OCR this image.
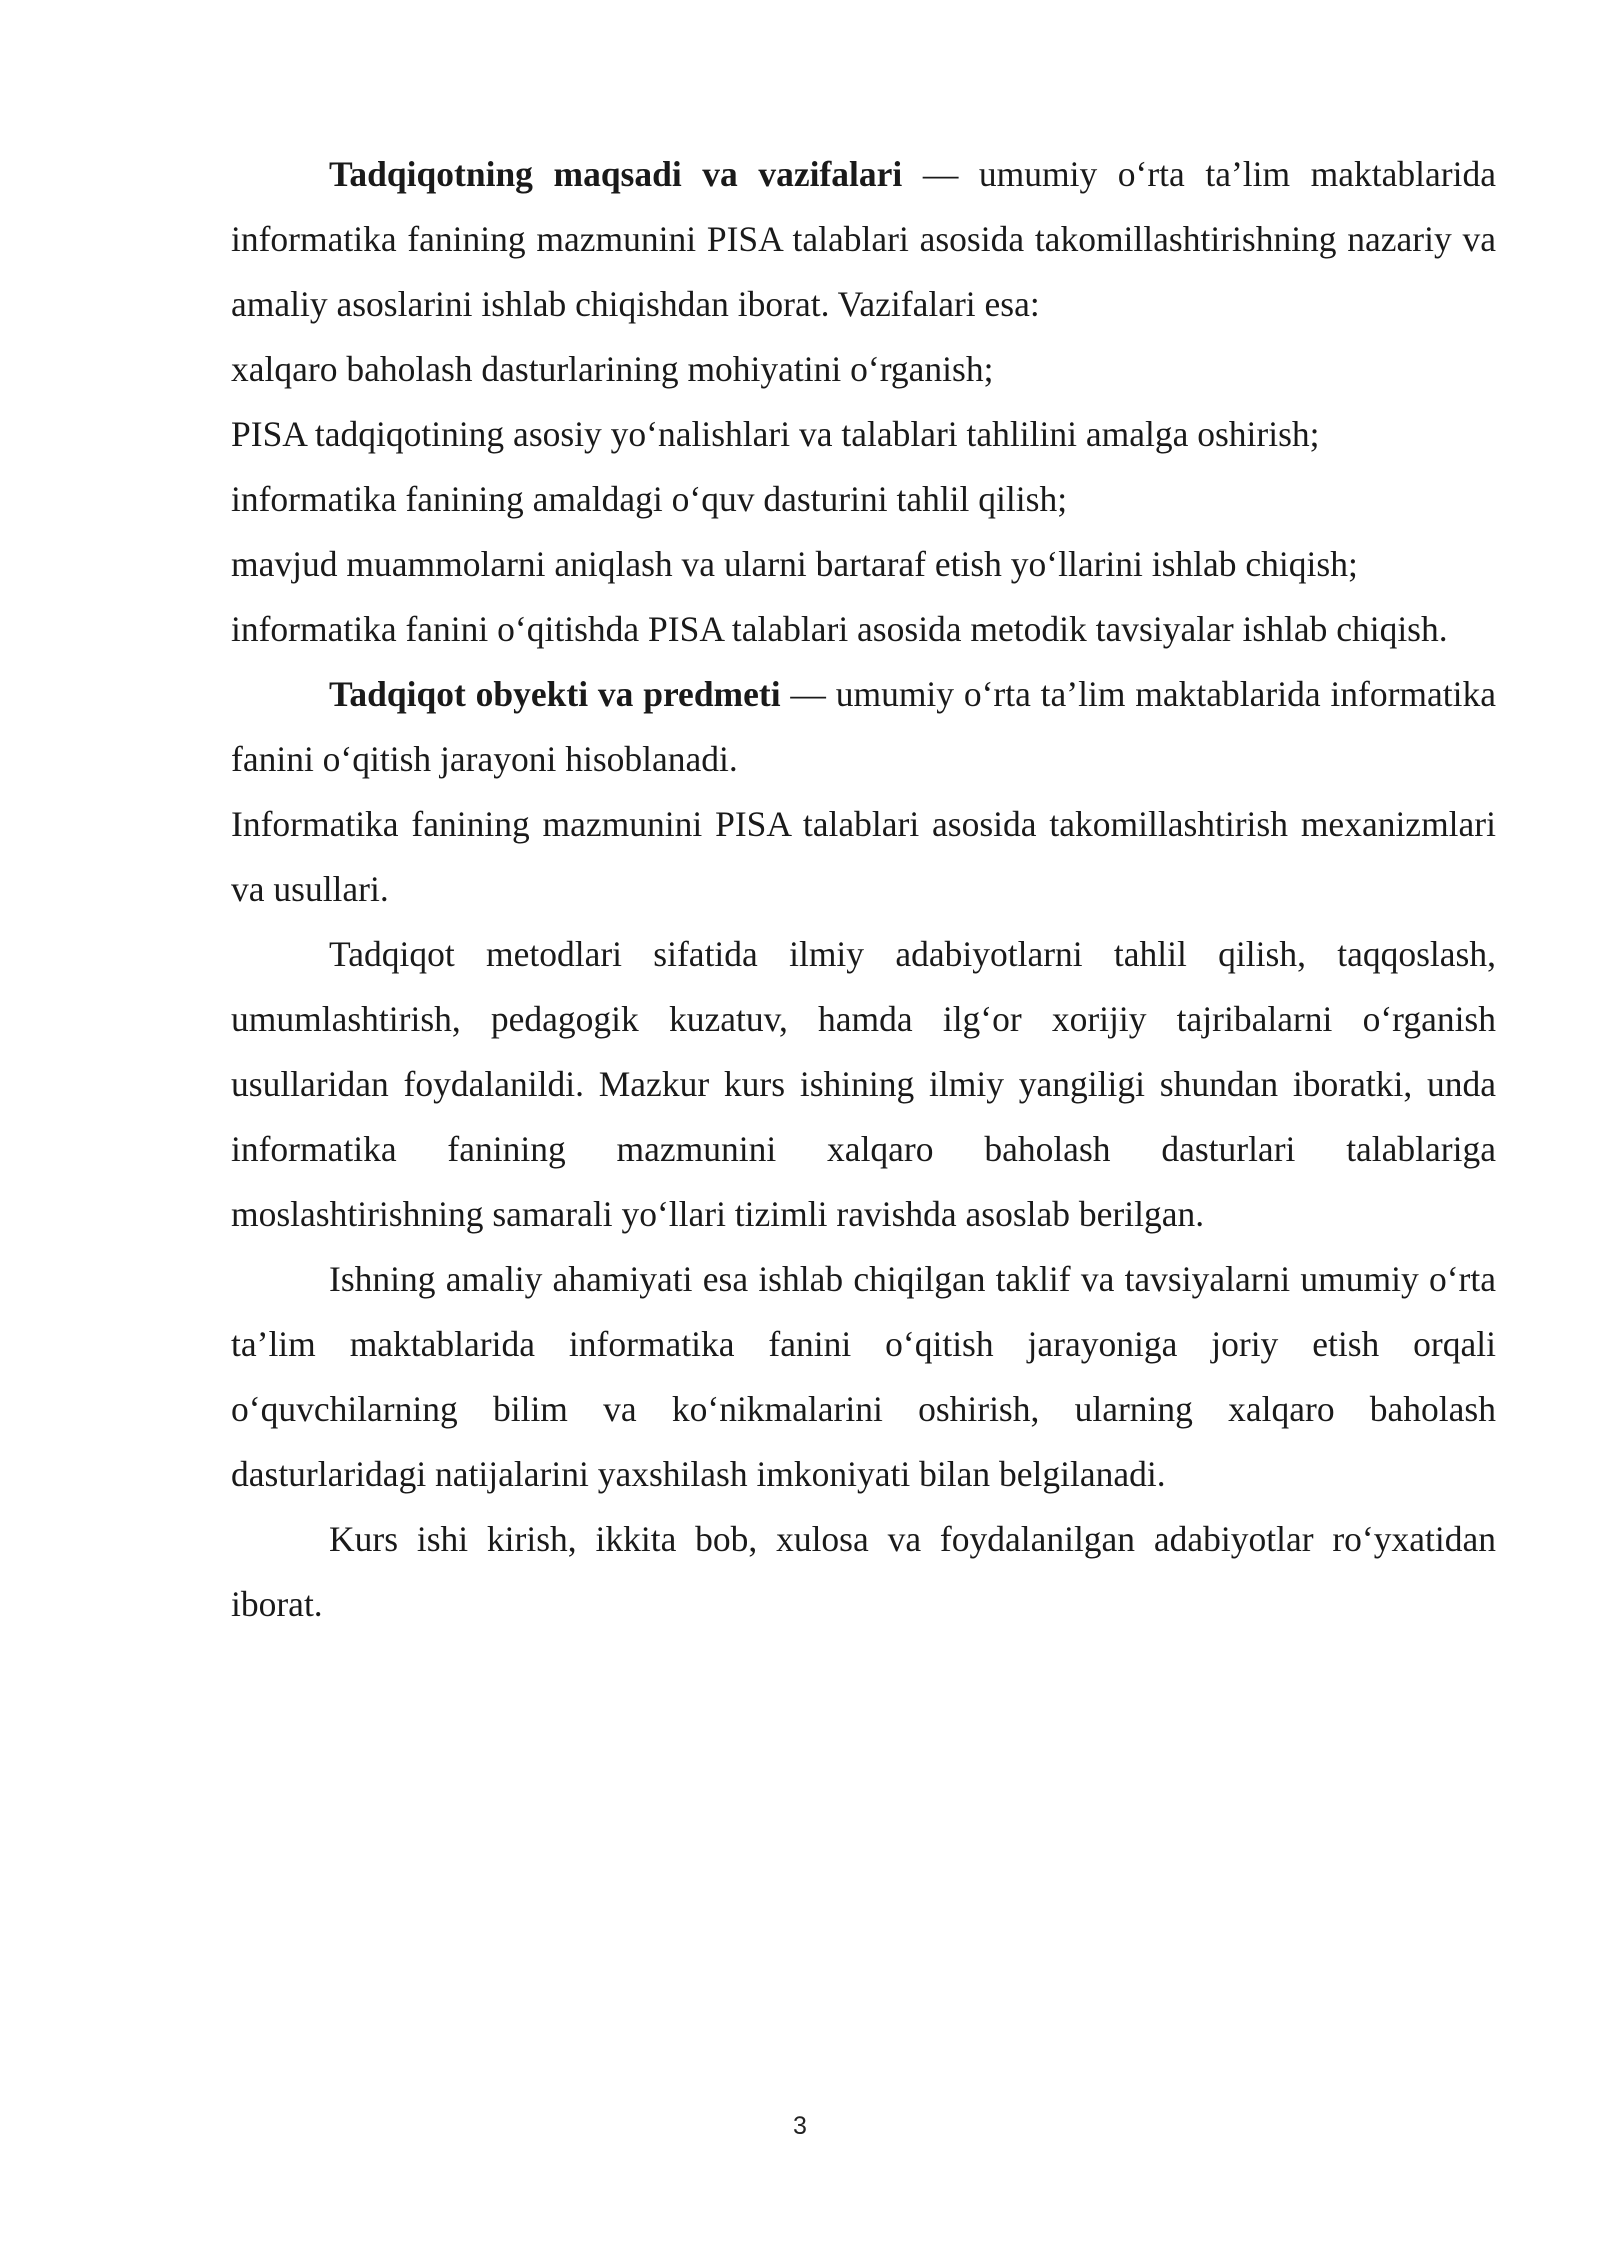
Tadqiqotning maqsadi va vazifalari — umumiy o‘rta ta’lim maktablarida informatika fanining mazmunini PISA talablari asosida takomillashtirishning nazariy va amaliy asoslarini ishlab chiqishdan iborat. Vazifalari esa:

xalqaro baholash dasturlarining mohiyatini o‘rganish;

PISA tadqiqotining asosiy yo‘nalishlari va talablari tahlilini amalga oshirish;

informatika fanining amaldagi o‘quv dasturini tahlil qilish;

mavjud muammolarni aniqlash va ularni bartaraf etish yo‘llarini ishlab chiqish;

informatika fanini o‘qitishda PISA talablari asosida metodik tavsiyalar ishlab chiqish.

Tadqiqot obyekti va predmeti — umumiy o‘rta ta’lim maktablarida informatika fanini o‘qitish jarayoni hisoblanadi.

Informatika fanining mazmunini PISA talablari asosida takomillashtirish mexanizmlari va usullari.

Tadqiqot metodlari sifatida ilmiy adabiyotlarni tahlil qilish, taqqoslash, umumlashtirish, pedagogik kuzatuv, hamda ilg‘or xorijiy tajribalarni o‘rganish usullaridan foydalanildi. Mazkur kurs ishining ilmiy yangiligi shundan iboratki, unda informatika fanining mazmunini xalqaro baholash dasturlari talablariga moslashtirishning samarali yo‘llari tizimli ravishda asoslab berilgan.

Ishning amaliy ahamiyati esa ishlab chiqilgan taklif va tavsiyalarni umumiy o‘rta ta’lim maktablarida informatika fanini o‘qitish jarayoniga joriy etish orqali o‘quvchilarning bilim va ko‘nikmalarini oshirish, ularning xalqaro baholash dasturlaridagi natijalarini yaxshilash imkoniyati bilan belgilanadi.

Kurs ishi kirish, ikkita bob, xulosa va foydalanilgan adabiyotlar ro‘yxatidan iborat.

3
